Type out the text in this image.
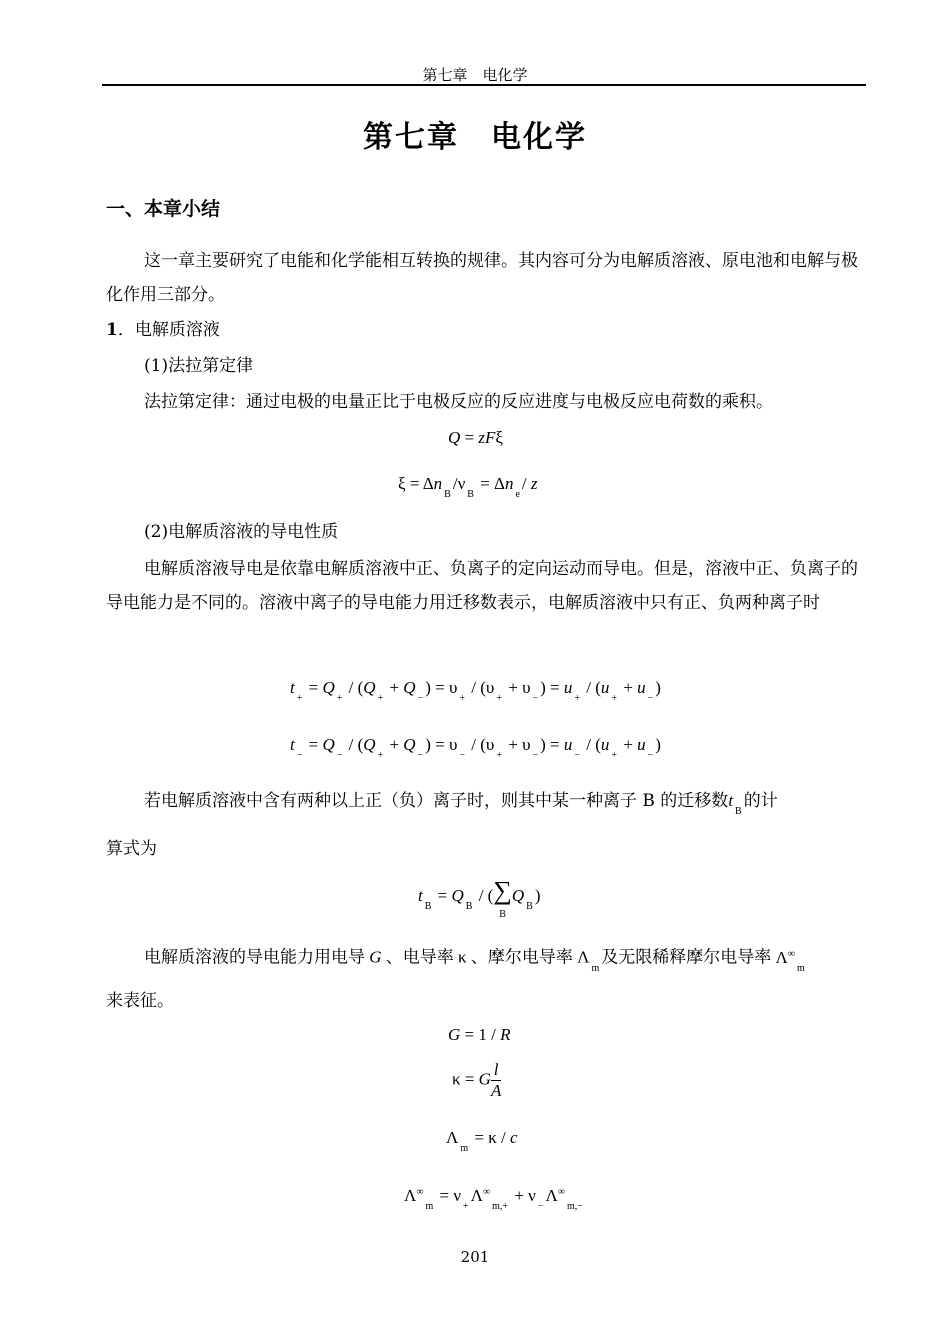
第七章　电化学
第七章　电化学
一、本章小结
这一章主要研究了电能和化学能相互转换的规律。其内容可分为电解质溶液、原电池和电解与极化作用三部分。
1．电解质溶液
(1)法拉第定律
法拉第定律：通过电极的电量正比于电极反应的反应进度与电极反应电荷数的乘积。
Q = zFξ
$\xi = \Delta n_B/\nu_B = \Delta n_e/$ z
(2)电解质溶液的导电性质
电解质溶液导电是依靠电解质溶液中正、负离子的定向运动而导电。但是，溶液中正、负离子的导电能力是不同的。溶液中离子的导电能力用迁移数表示，电解质溶液中只有正、负两种离子时
$t_+ = Q_+ / (Q_+ + Q_-) = \upsilon_+ / (\upsilon_+ + \upsilon_-) = u_+ / (u_+ + u_-)$
$t_- = Q_- / (Q_+ + Q_-) = \upsilon_- / (\upsilon_+ + \upsilon_-) = u_- / (u_+ + u_-)$
若电解质溶液中含有两种以上正（负）离子时，则其中某一种离子 B 的迁移数$t_B$的计
算式为
$t_B = Q_B$ / (∑
$BQ_B$)
电解质溶液的导电能力用电导 G 、电导率 κ 、摩尔电导率 $\Lambda_m$及无限稀释摩尔电导率 $\Lambda^\infty_m$
来表征。
G = 1 / R
κ = G $\frac{l}{A}$
$\Lambda_m = \kappa / c$
$\Lambda^\infty_m = \nu_+\Lambda^\infty_{m,+} + \nu_-\Lambda^\infty_{m,-}$
201
